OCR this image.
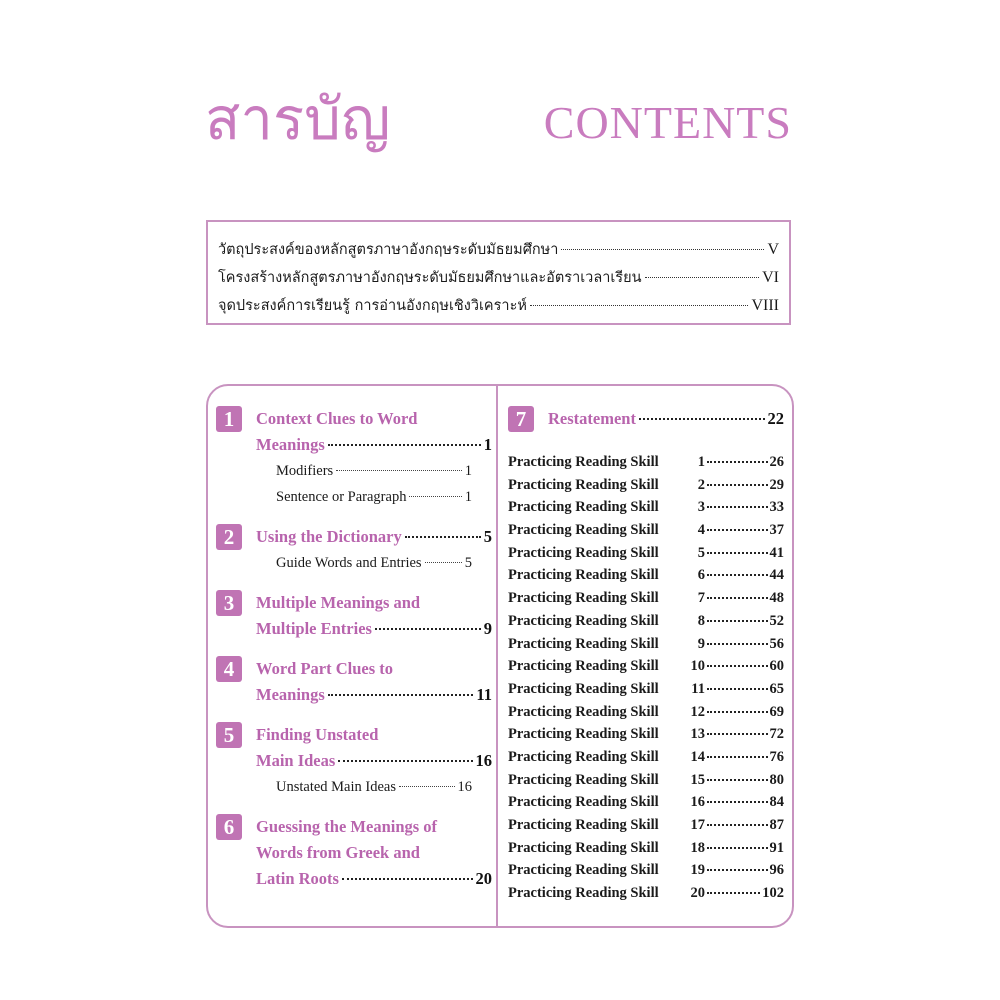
สารบัญ	CONTENTS
วัตถุประสงค์ของหลักสูตรภาษาอังกฤษระดับมัธยมศึกษา	V
โครงสร้างหลักสูตรภาษาอังกฤษระดับมัธยมศึกษาและอัตราเวลาเรียน	VI
จุดประสงค์การเรียนรู้ การอ่านอังกฤษเชิงวิเคราะห์	VIII
1	Context Clues to Word
Meanings	1
Modifiers	1
Sentence or Paragraph	1
2	Using the Dictionary	5
Guide Words and Entries	5
3	Multiple Meanings and
Multiple Entries	9
4	Word Part Clues to
Meanings	11
5	Finding Unstated
Main Ideas	16
Unstated Main Ideas	16
6	Guessing the Meanings of
Words from Greek and
Latin Roots	20
7	Restatement	22
Practicing Reading Skill	1	26
Practicing Reading Skill	2	29
Practicing Reading Skill	3	33
Practicing Reading Skill	4	37
Practicing Reading Skill	5	41
Practicing Reading Skill	6	44
Practicing Reading Skill	7	48
Practicing Reading Skill	8	52
Practicing Reading Skill	9	56
Practicing Reading Skill	10	60
Practicing Reading Skill	11	65
Practicing Reading Skill	12	69
Practicing Reading Skill	13	72
Practicing Reading Skill	14	76
Practicing Reading Skill	15	80
Practicing Reading Skill	16	84
Practicing Reading Skill	17	87
Practicing Reading Skill	18	91
Practicing Reading Skill	19	96
Practicing Reading Skill	20	102
